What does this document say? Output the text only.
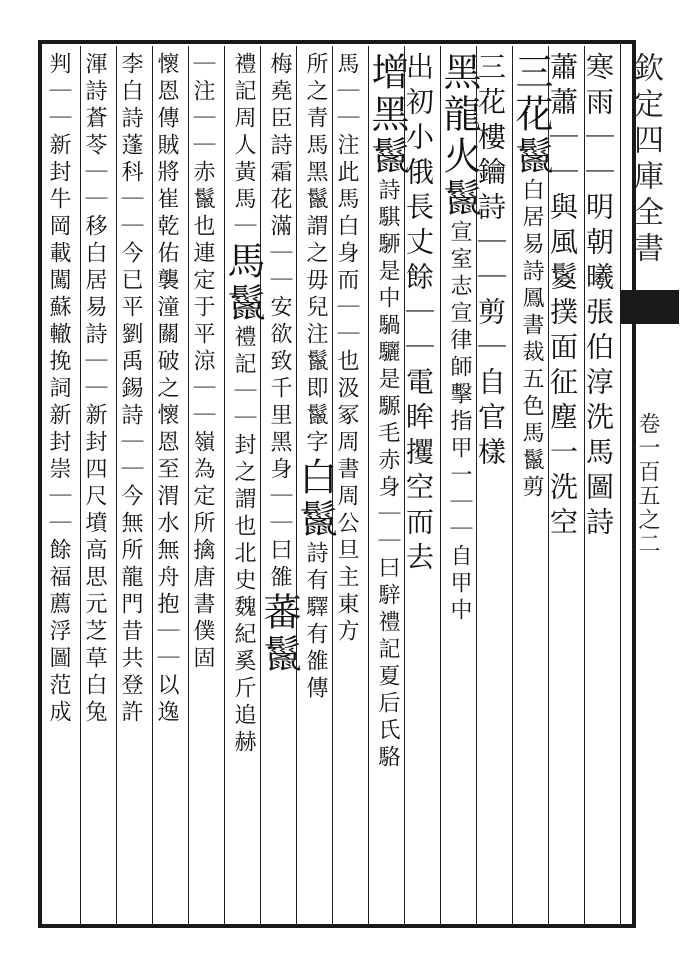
欽定四庫全書
卷一百五之二
寒雨｜｜明朝曦張伯淳洗馬圖詩
蕭蕭｜｜與風鬉撲面征塵一洗空
三花鬣白居易詩鳳書裁五色馬鬣剪
三花樓鑰詩｜｜剪｜自官樣
黑龍火鬣宣室志宣律師擊指甲一｜｜自甲中
出初小俄長丈餘｜｜電眸攫空而去
增黑鬣詩騏駵是中騧驪是騵毛赤身｜｜曰騂禮記夏后氏駱
馬｜｜注此馬白身而｜｜也汲冢周書周公旦主東方
所之青馬黑鬣謂之毋兒注鬣即鬣字白鬣詩有驛有雒傳
梅堯臣詩霜花滿｜｜安欲致千里黑身｜｜曰雒蕃鬣
禮記周人黃馬｜馬鬣禮記｜｜封之謂也北史魏紀奚斤追赫
｜注｜｜赤鬣也連定于平涼｜｜嶺為定所擒唐書僕固
懷恩傳賊將崔乾佑襲潼關破之懷恩至渭水無舟抱｜｜以逸
李白詩蓬科｜｜今已平劉禹錫詩｜｜今無所龍門昔共登許
渾詩蒼苓｜｜移白居易詩｜｜新封四尺墳高思元芝草白兔
判｜｜新封牛岡載闖蘇轍挽詞新封崇｜｜餘福薦浮圖范成
